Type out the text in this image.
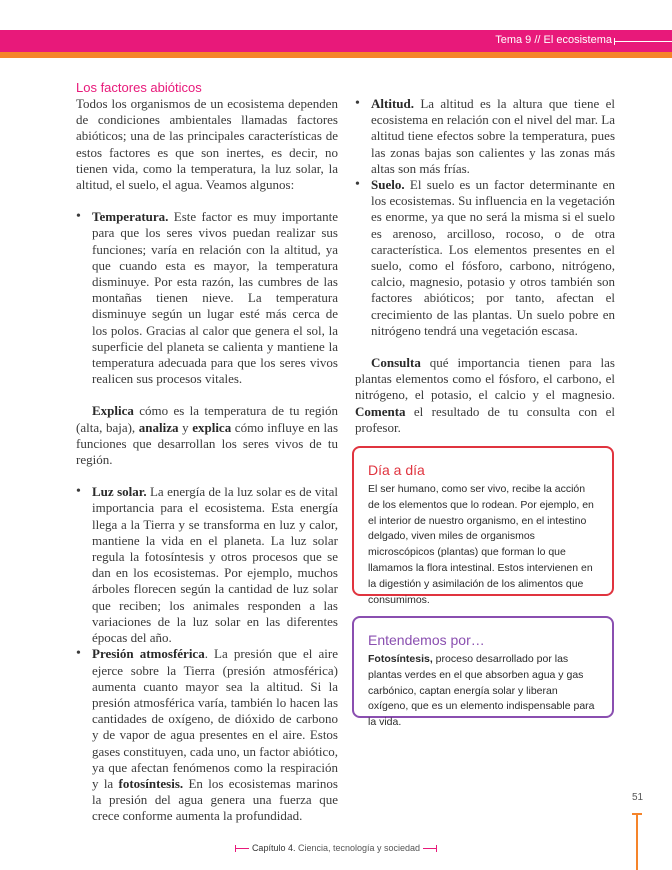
Tema 9 // El ecosistema
Los factores abióticos

Todos los organismos de un ecosistema dependen de condiciones ambientales llamadas factores abióticos; una de las principales características de estos factores es que son inertes, es decir, no tienen vida, como la temperatura, la luz solar, la altitud, el suelo, el agua. Veamos algunos:

• Temperatura. Este factor es muy importante para que los seres vivos puedan realizar sus funciones; varía en relación con la altitud, ya que cuando esta es mayor, la temperatura disminuye. Por esta razón, las cumbres de las montañas tienen nieve. La temperatura disminuye según un lugar esté más cerca de los polos. Gracias al calor que genera el sol, la superficie del planeta se calienta y mantiene la temperatura adecuada para que los seres vivos realicen sus procesos vitales.

Explica cómo es la temperatura de tu región (alta, baja), analiza y explica cómo influye en las funciones que desarrollan los seres vivos de tu región.

• Luz solar. La energía de la luz solar es de vital importancia para el ecosistema. Esta energía llega a la Tierra y se transforma en luz y calor, mantiene la vida en el planeta. La luz solar regula la fotosíntesis y otros procesos que se dan en los ecosistemas. Por ejemplo, muchos árboles florecen según la cantidad de luz solar que reciben; los animales responden a las variaciones de la luz solar en las diferentes épocas del año.
• Presión atmosférica. La presión que el aire ejerce sobre la Tierra (presión atmosférica) aumenta cuanto mayor sea la altitud. Si la presión atmosférica varía, también lo hacen las cantidades de oxígeno, de dióxido de carbono y de vapor de agua presentes en el aire. Estos gases constituyen, cada uno, un factor abiótico, ya que afectan fenómenos como la respiración y la fotosíntesis. En los ecosistemas marinos la presión del agua genera una fuerza que crece conforme aumenta la profundidad.
• Altitud. La altitud es la altura que tiene el ecosistema en relación con el nivel del mar. La altitud tiene efectos sobre la temperatura, pues las zonas bajas son calientes y las zonas más altas son más frías.
• Suelo. El suelo es un factor determinante en los ecosistemas. Su influencia en la vegetación es enorme, ya que no será la misma si el suelo es arenoso, arcilloso, rocoso, o de otra característica. Los elementos presentes en el suelo, como el fósforo, carbono, nitrógeno, calcio, magnesio, potasio y otros también son factores abióticos; por tanto, afectan el crecimiento de las plantas. Un suelo pobre en nitrógeno tendrá una vegetación escasa.

Consulta qué importancia tienen para las plantas elementos como el fósforo, el carbono, el nitrógeno, el potasio, el calcio y el magnesio. Comenta el resultado de tu consulta con el profesor.

Día a día

El ser humano, como ser vivo, recibe la acción de los elementos que lo rodean. Por ejemplo, en el interior de nuestro organismo, en el intestino delgado, viven miles de organismos microscópicos (plantas) que forman lo que llamamos la flora intestinal. Estos intervienen en la digestión y asimilación de los alimentos que consumimos.

Entendemos por…

Fotosíntesis, proceso desarrollado por las plantas verdes en el que absorben agua y gas carbónico, captan energía solar y liberan oxígeno, que es un elemento indispensable para la vida.

51
Capítulo 4. Ciencia, tecnología y sociedad
